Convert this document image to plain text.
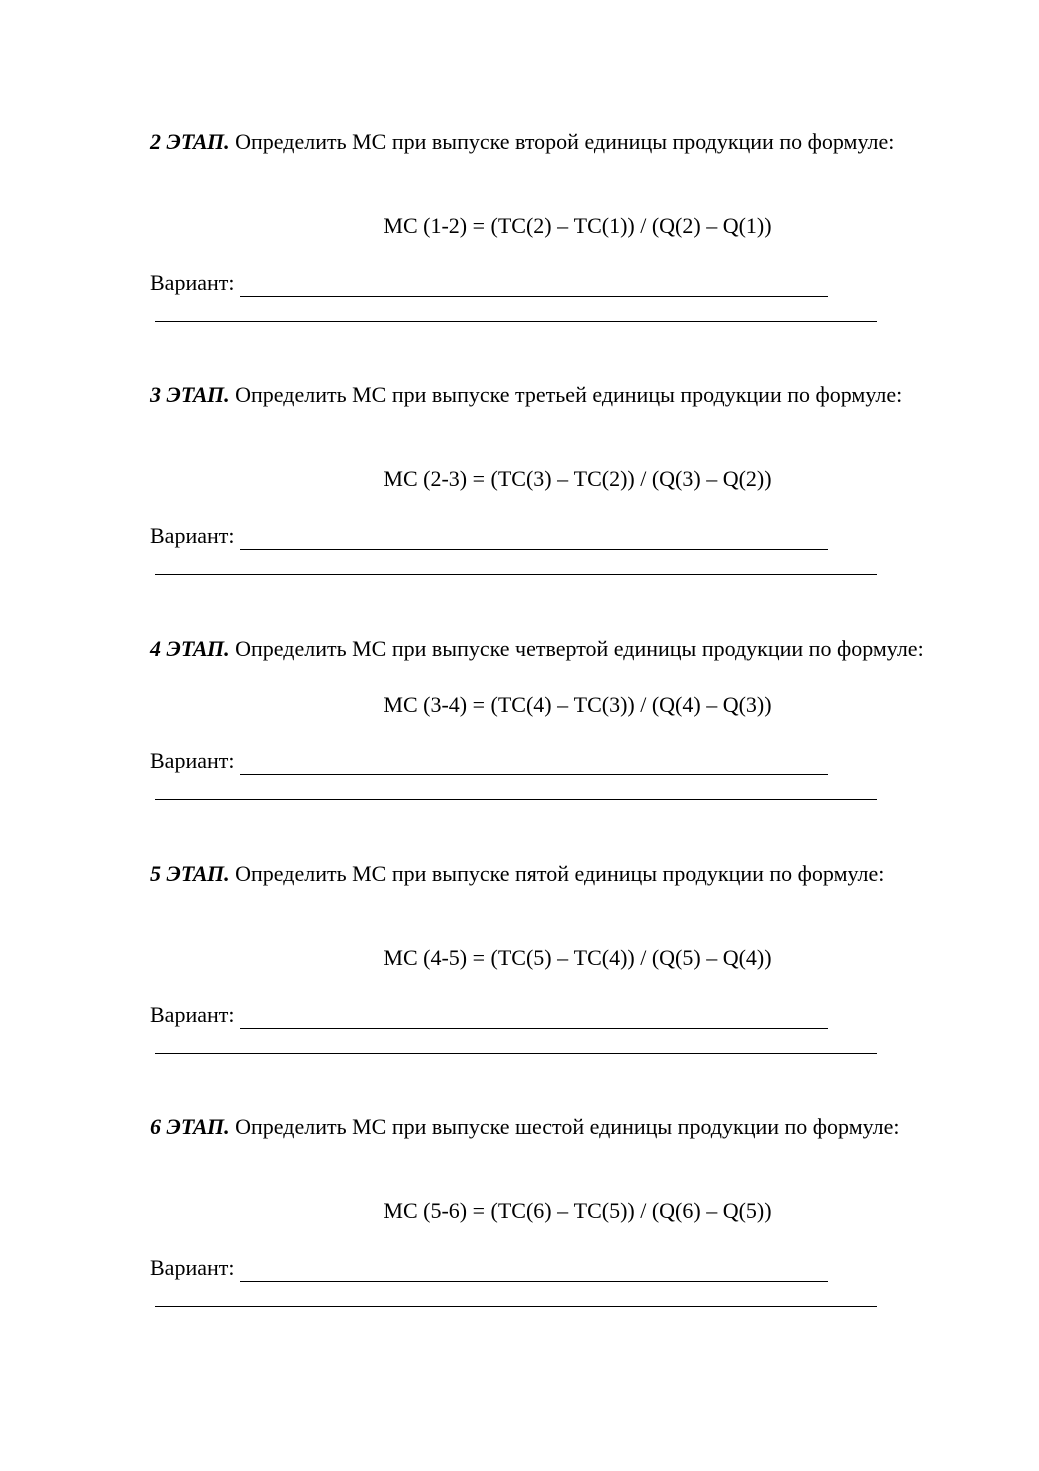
2 ЭТАП. Определить МС при выпуске второй единицы продукции по формуле:
МС (1-2) = (ТС(2) – ТС(1)) / (Q(2) – Q(1))
Вариант:
3 ЭТАП. Определить МС при выпуске третьей единицы продукции по формуле:
МС (2-3) = (ТС(3) – ТС(2)) / (Q(3) – Q(2))
Вариант:
4 ЭТАП. Определить МС при выпуске четвертой единицы продукции по формуле:
МС (3-4) = (ТС(4) – ТС(3)) / (Q(4) – Q(3))
Вариант:
5 ЭТАП. Определить МС при выпуске пятой единицы продукции по формуле:
МС (4-5) = (ТС(5) – ТС(4)) / (Q(5) – Q(4))
Вариант:
6 ЭТАП. Определить МС при выпуске шестой единицы продукции по формуле:
МС (5-6) = (ТС(6) – ТС(5)) / (Q(6) – Q(5))
Вариант:
